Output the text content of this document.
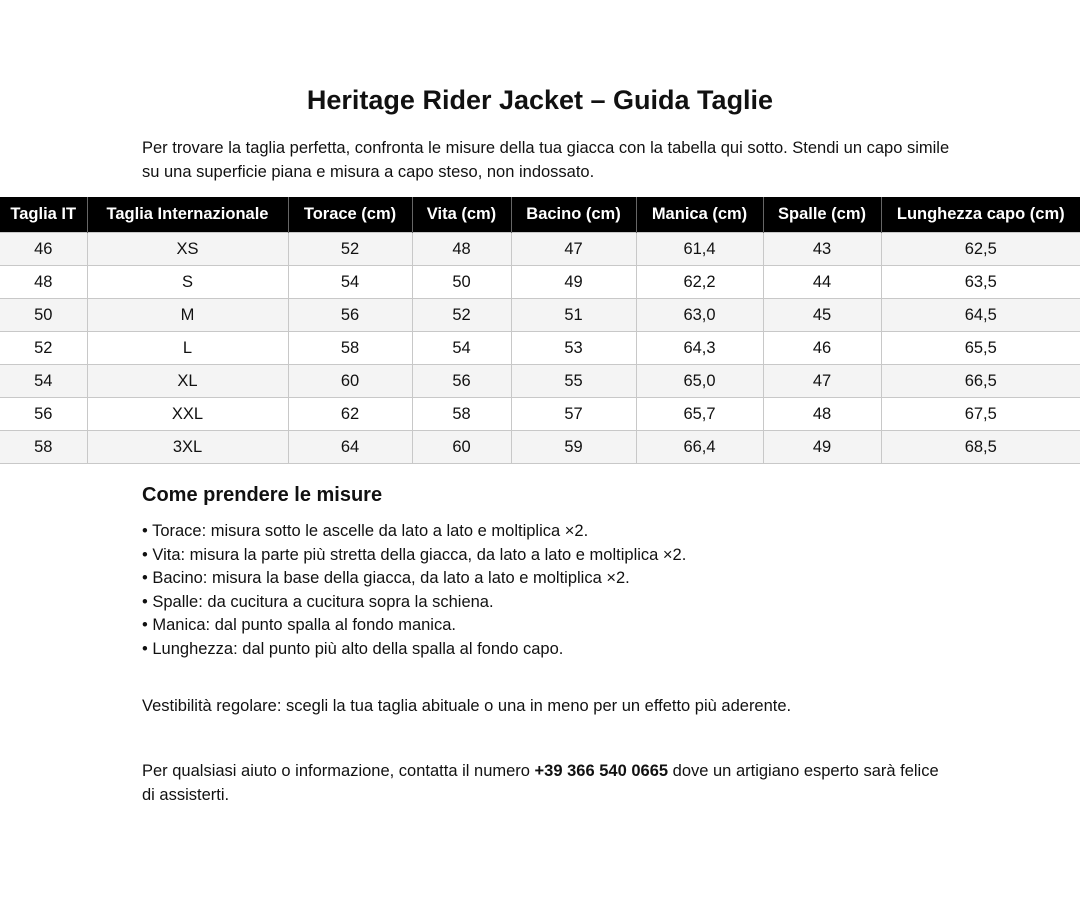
Heritage Rider Jacket – Guida Taglie

Per trovare la taglia perfetta, confronta le misure della tua giacca con la tabella qui sotto. Stendi un capo simile su una superficie piana e misura a capo steso, non indossato.

Taglia IT	Taglia Internazionale	Torace (cm)	Vita (cm)	Bacino (cm)	Manica (cm)	Spalle (cm)	Lunghezza capo (cm)
46	XS	52	48	47	61,4	43	62,5
48	S	54	50	49	62,2	44	63,5
50	M	56	52	51	63,0	45	64,5
52	L	58	54	53	64,3	46	65,5
54	XL	60	56	55	65,0	47	66,5
56	XXL	62	58	57	65,7	48	67,5
58	3XL	64	60	59	66,4	49	68,5
Come prendere le misure
• Torace: misura sotto le ascelle da lato a lato e moltiplica ×2.
• Vita: misura la parte più stretta della giacca, da lato a lato e moltiplica ×2.
• Bacino: misura la base della giacca, da lato a lato e moltiplica ×2.
• Spalle: da cucitura a cucitura sopra la schiena.
• Manica: dal punto spalla al fondo manica.
• Lunghezza: dal punto più alto della spalla al fondo capo.

Vestibilità regolare: scegli la tua taglia abituale o una in meno per un effetto più aderente.

Per qualsiasi aiuto o informazione, contatta il numero +39 366 540 0665 dove un artigiano esperto sarà felice di assisterti.
